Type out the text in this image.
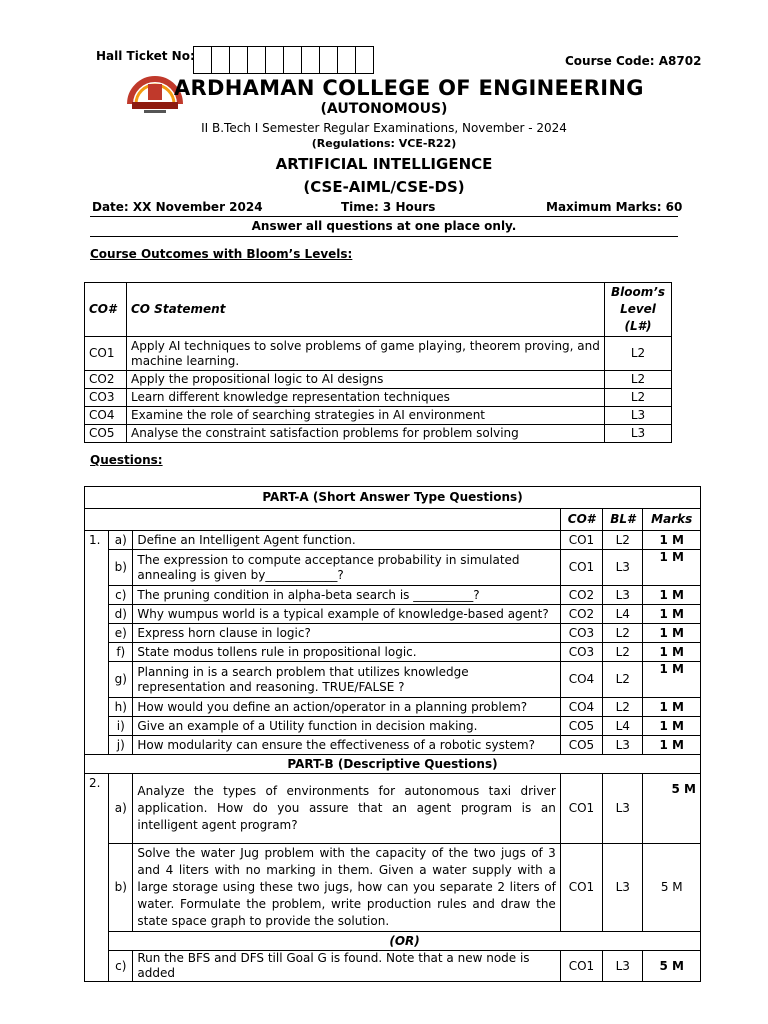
Hall Ticket No:	Course Code: A8702
ARDHAMAN COLLEGE OF ENGINEERING
(AUTONOMOUS)
II B.Tech I Semester Regular Examinations, November - 2024
(Regulations: VCE-R22)
ARTIFICIAL INTELLIGENCE
(CSE-AIML/CSE-DS)
Date: XX November 2024	Time: 3 Hours	Maximum Marks: 60
Answer all questions at one place only.
Course Outcomes with Bloom’s Levels:
CO#	CO Statement	Bloom’s
Level
(L#)

CO1	Apply AI techniques to solve problems of game playing, theorem proving, and machine learning.	L2
CO2	Apply the propositional logic to AI designs	L2
CO3	Learn different knowledge representation techniques	L2
CO4	Examine the role of searching strategies in AI environment	L3
CO5	Analyse the constraint satisfaction problems for problem solving	L3
Questions:
PART-A (Short Answer Type Questions)					
			CO#	BL#	Marks
1.	a)	Define an Intelligent Agent function.	CO1	L2	1 M
	b)	The expression to compute acceptance probability in simulated annealing is given by____________?	CO1	L3	1 M
	c)	The pruning condition in alpha-beta search is __________?	CO2	L3	1 M
	d)	Why wumpus world is a typical example of knowledge-based agent?	CO2	L4	1 M
	e)	Express horn clause in logic?	CO3	L2	1 M
	f)	State modus tollens rule in propositional logic.	CO3	L2	1 M
	g)	Planning in is a search problem that utilizes knowledge representation and reasoning. TRUE/FALSE ?	CO4	L2	1 M
	h)	How would you define an action/operator in a planning problem?	CO4	L2	1 M
	i)	Give an example of a Utility function in decision making.	CO5	L4	1 M
	j)	How modularity can ensure the effectiveness of a robotic system?	CO5	L3	1 M
PART-B (Descriptive Questions)					
2.	a)	Analyze the types of environments for autonomous taxi driver application. How do you assure that an agent program is an intelligent agent program?	CO1	L3	5 M
	b)	Solve the water Jug problem with the capacity of the two jugs of 3 and 4 liters with no marking in them. Given a water supply with a large storage using these two jugs, how can you separate 2 liters of water. Formulate the problem, write production rules and draw the state space graph to provide the solution.	CO1	L3	5 M
	(OR)				
	c)	Run the BFS and DFS till Goal G is found. Note that a new node is added	CO1	L3	5 M
